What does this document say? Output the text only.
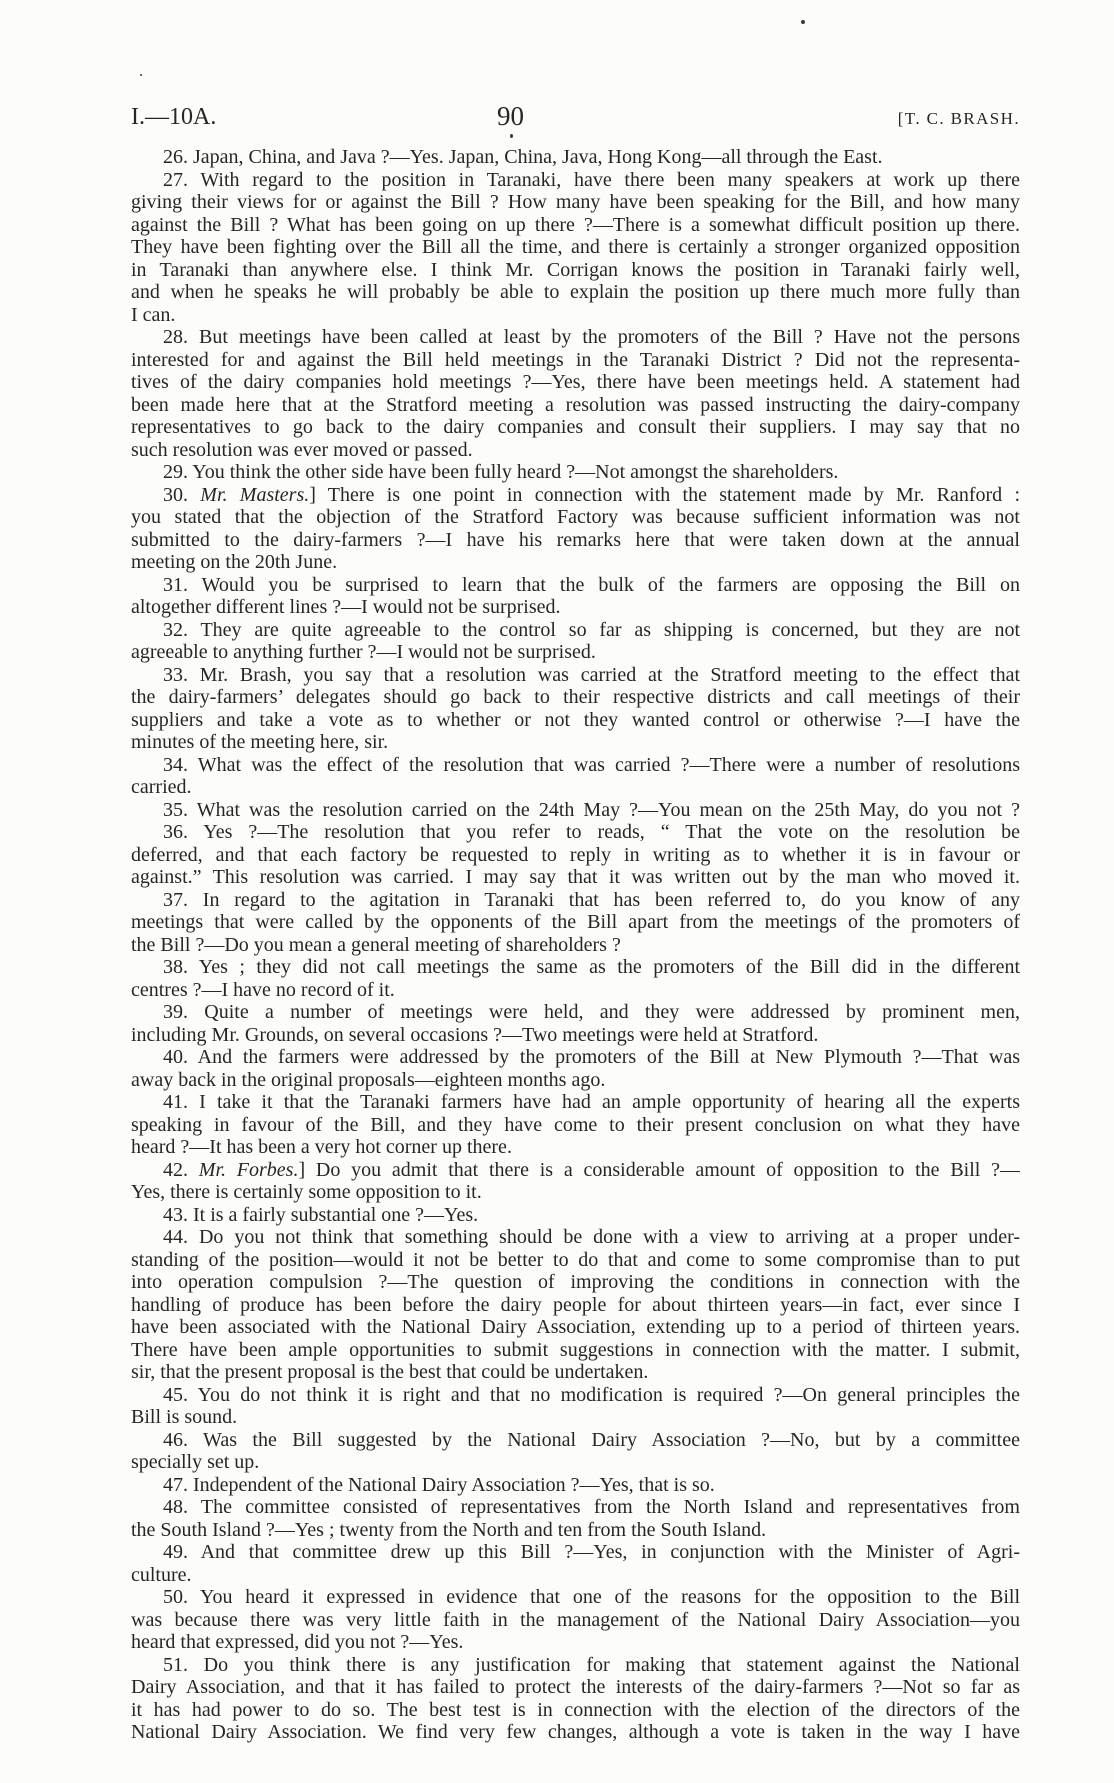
I.—10A.	90	[T. C. BRASH.
26. Japan, China, and Java ?—Yes. Japan, China, Java, Hong Kong—all through the East.
27. With regard to the position in Taranaki, have there been many speakers at work up there
giving their views for or against the Bill ? How many have been speaking for the Bill, and how many
against the Bill ? What has been going on up there ?—There is a somewhat difficult position up there.
They have been fighting over the Bill all the time, and there is certainly a stronger organized opposition
in Taranaki than anywhere else. I think Mr. Corrigan knows the position in Taranaki fairly well,
and when he speaks he will probably be able to explain the position up there much more fully than
I can.
28. But meetings have been called at least by the promoters of the Bill ? Have not the persons
interested for and against the Bill held meetings in the Taranaki District ? Did not the representa-
tives of the dairy companies hold meetings ?—Yes, there have been meetings held. A statement had
been made here that at the Stratford meeting a resolution was passed instructing the dairy-company
representatives to go back to the dairy companies and consult their suppliers. I may say that no
such resolution was ever moved or passed.
29. You think the other side have been fully heard ?—Not amongst the shareholders.
30. Mr. Masters.] There is one point in connection with the statement made by Mr. Ranford :
you stated that the objection of the Stratford Factory was because sufficient information was not
submitted to the dairy-farmers ?—I have his remarks here that were taken down at the annual
meeting on the 20th June.
31. Would you be surprised to learn that the bulk of the farmers are opposing the Bill on
altogether different lines ?—I would not be surprised.
32. They are quite agreeable to the control so far as shipping is concerned, but they are not
agreeable to anything further ?—I would not be surprised.
33. Mr. Brash, you say that a resolution was carried at the Stratford meeting to the effect that
the dairy-farmers’ delegates should go back to their respective districts and call meetings of their
suppliers and take a vote as to whether or not they wanted control or otherwise ?—I have the
minutes of the meeting here, sir.
34. What was the effect of the resolution that was carried ?—There were a number of resolutions
carried.
35. What was the resolution carried on the 24th May ?—You mean on the 25th May, do you not ?
36. Yes ?—The resolution that you refer to reads, “ That the vote on the resolution be
deferred, and that each factory be requested to reply in writing as to whether it is in favour or
against.” This resolution was carried. I may say that it was written out by the man who moved it.
37. In regard to the agitation in Taranaki that has been referred to, do you know of any
meetings that were called by the opponents of the Bill apart from the meetings of the promoters of
the Bill ?—Do you mean a general meeting of shareholders ?
38. Yes ; they did not call meetings the same as the promoters of the Bill did in the different
centres ?—I have no record of it.
39. Quite a number of meetings were held, and they were addressed by prominent men,
including Mr. Grounds, on several occasions ?—Two meetings were held at Stratford.
40. And the farmers were addressed by the promoters of the Bill at New Plymouth ?—That was
away back in the original proposals—eighteen months ago.
41. I take it that the Taranaki farmers have had an ample opportunity of hearing all the experts
speaking in favour of the Bill, and they have come to their present conclusion on what they have
heard ?—It has been a very hot corner up there.
42. Mr. Forbes.] Do you admit that there is a considerable amount of opposition to the Bill ?—
Yes, there is certainly some opposition to it.
43. It is a fairly substantial one ?—Yes.
44. Do you not think that something should be done with a view to arriving at a proper under-
standing of the position—would it not be better to do that and come to some compromise than to put
into operation compulsion ?—The question of improving the conditions in connection with the
handling of produce has been before the dairy people for about thirteen years—in fact, ever since I
have been associated with the National Dairy Association, extending up to a period of thirteen years.
There have been ample opportunities to submit suggestions in connection with the matter. I submit,
sir, that the present proposal is the best that could be undertaken.
45. You do not think it is right and that no modification is required ?—On general principles the
Bill is sound.
46. Was the Bill suggested by the National Dairy Association ?—No, but by a committee
specially set up.
47. Independent of the National Dairy Association ?—Yes, that is so.
48. The committee consisted of representatives from the North Island and representatives from
the South Island ?—Yes ; twenty from the North and ten from the South Island.
49. And that committee drew up this Bill ?—Yes, in conjunction with the Minister of Agri-
culture.
50. You heard it expressed in evidence that one of the reasons for the opposition to the Bill
was because there was very little faith in the management of the National Dairy Association—you
heard that expressed, did you not ?—Yes.
51. Do you think there is any justification for making that statement against the National
Dairy Association, and that it has failed to protect the interests of the dairy-farmers ?—Not so far as
it has had power to do so. The best test is in connection with the election of the directors of the
National Dairy Association. We find very few changes, although a vote is taken in the way I have
